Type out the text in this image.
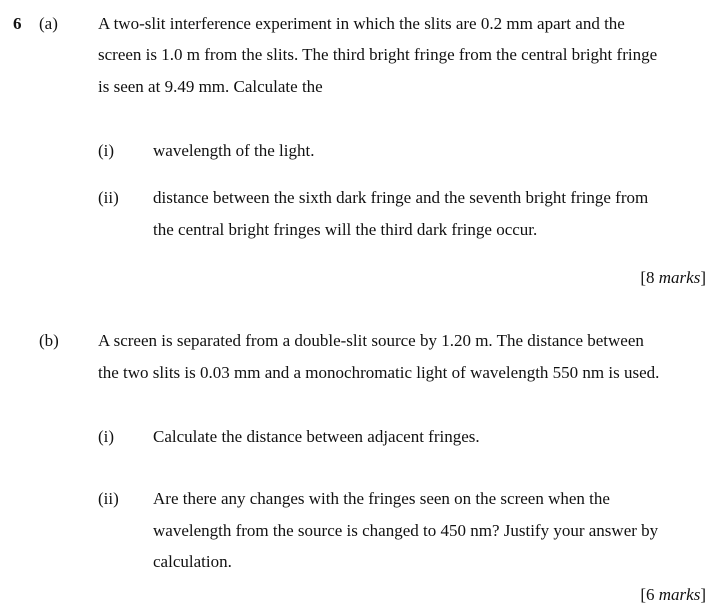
6 (a) A two-slit interference experiment in which the slits are 0.2 mm apart and the
screen is 1.0 m from the slits. The third bright fringe from the central bright fringe
is seen at 9.49 mm. Calculate the
(i) wavelength of the light.
(ii) distance between the sixth dark fringe and the seventh bright fringe from
the central bright fringes will the third dark fringe occur.
[8 marks]
(b) A screen is separated from a double-slit source by 1.20 m. The distance between
the two slits is 0.03 mm and a monochromatic light of wavelength 550 nm is used.
(i) Calculate the distance between adjacent fringes.
(ii) Are there any changes with the fringes seen on the screen when the
wavelength from the source is changed to 450 nm? Justify your answer by
calculation.
[6 marks]
